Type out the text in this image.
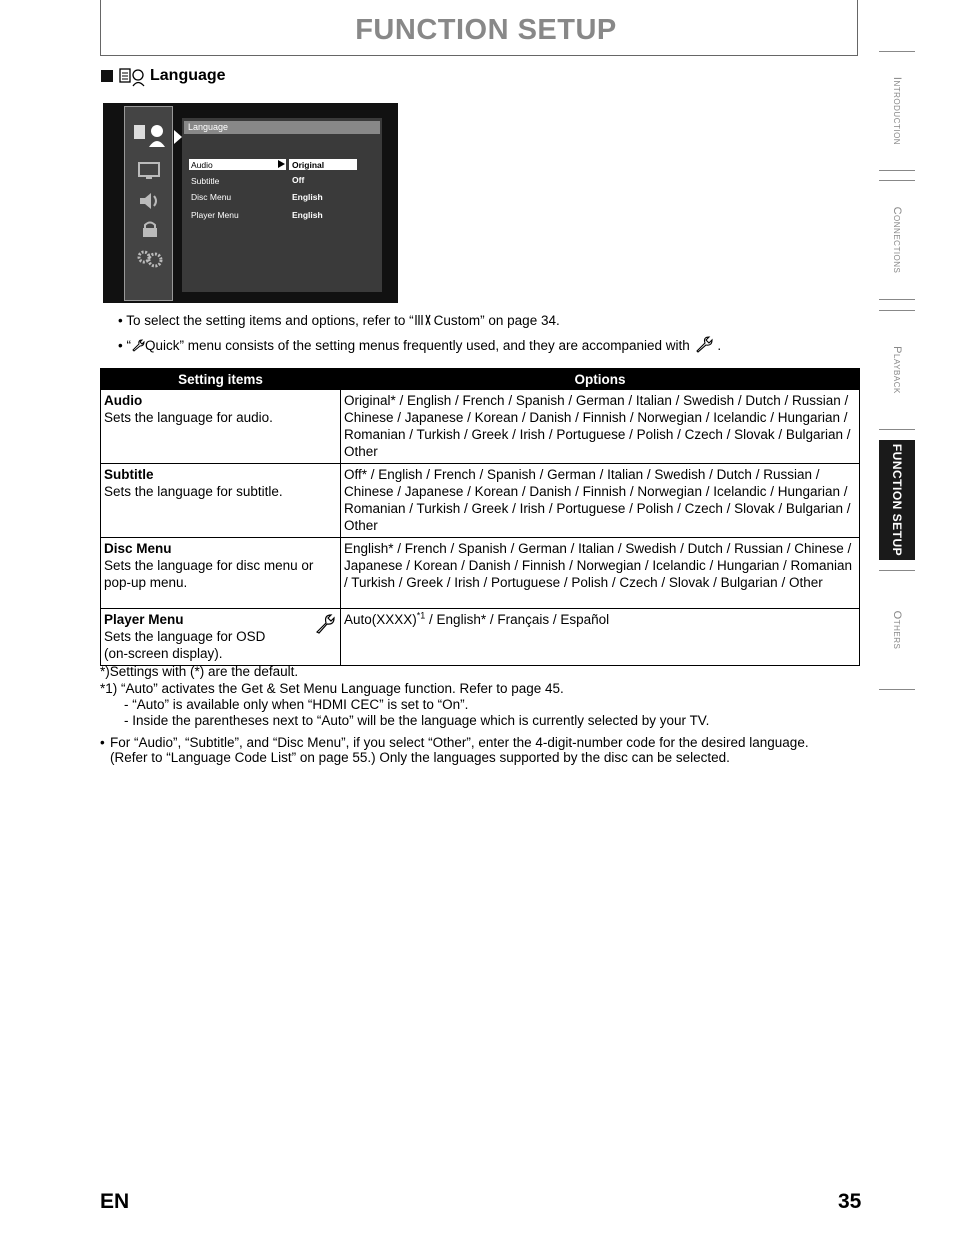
FUNCTION SETUP
Introduction
Connections
Playback
FUNCTION SETUP
Others
Language
Language
Audio	Original
Subtitle	Off
Disc Menu	English
Player Menu	English
• To select the setting items and options, refer to “ Custom” on page 34.
• “ Quick” menu consists of the setting menus frequently used, and they are accompanied with .
Setting items	Options

Audio
Sets the language for audio.	Original* / English / French / Spanish / German / Italian / Swedish / Dutch / Russian / Chinese / Japanese / Korean / Danish / Finnish / Norwegian / Icelandic / Hungarian / Romanian / Turkish / Greek / Irish / Portuguese / Polish / Czech / Slovak / Bulgarian / Other

Subtitle
Sets the language for subtitle.	Off* / English / French / Spanish / German / Italian / Swedish / Dutch / Russian / Chinese / Japanese / Korean / Danish / Finnish / Norwegian / Icelandic / Hungarian / Romanian / Turkish / Greek / Irish / Portuguese / Polish / Czech / Slovak / Bulgarian / Other

Disc Menu
Sets the language for disc menu or pop-up menu.	English* / French / Spanish / German / Italian / Swedish / Dutch / Russian / Chinese / Japanese / Korean / Danish / Finnish / Norwegian / Icelandic / Hungarian / Romanian / Turkish / Greek / Irish / Portuguese / Polish / Czech / Slovak / Bulgarian / Other

Player Menu
Sets the language for OSD (on-screen display).	Auto(XXXX)$^{*1}$ / English* / Français / Español
*)Settings with (*) are the default.
*1) “Auto” activates the Get & Set Menu Language function. Refer to page 45.
- “Auto” is available only when “HDMI CEC” is set to “On”.
- Inside the parentheses next to “Auto” will be the language which is currently selected by your TV.
• For “Audio”, “Subtitle”, and “Disc Menu”, if you select “Other”, enter the 4-digit-number code for the desired language.
(Refer to “Language Code List” on page 55.) Only the languages supported by the disc can be selected.
EN	35
